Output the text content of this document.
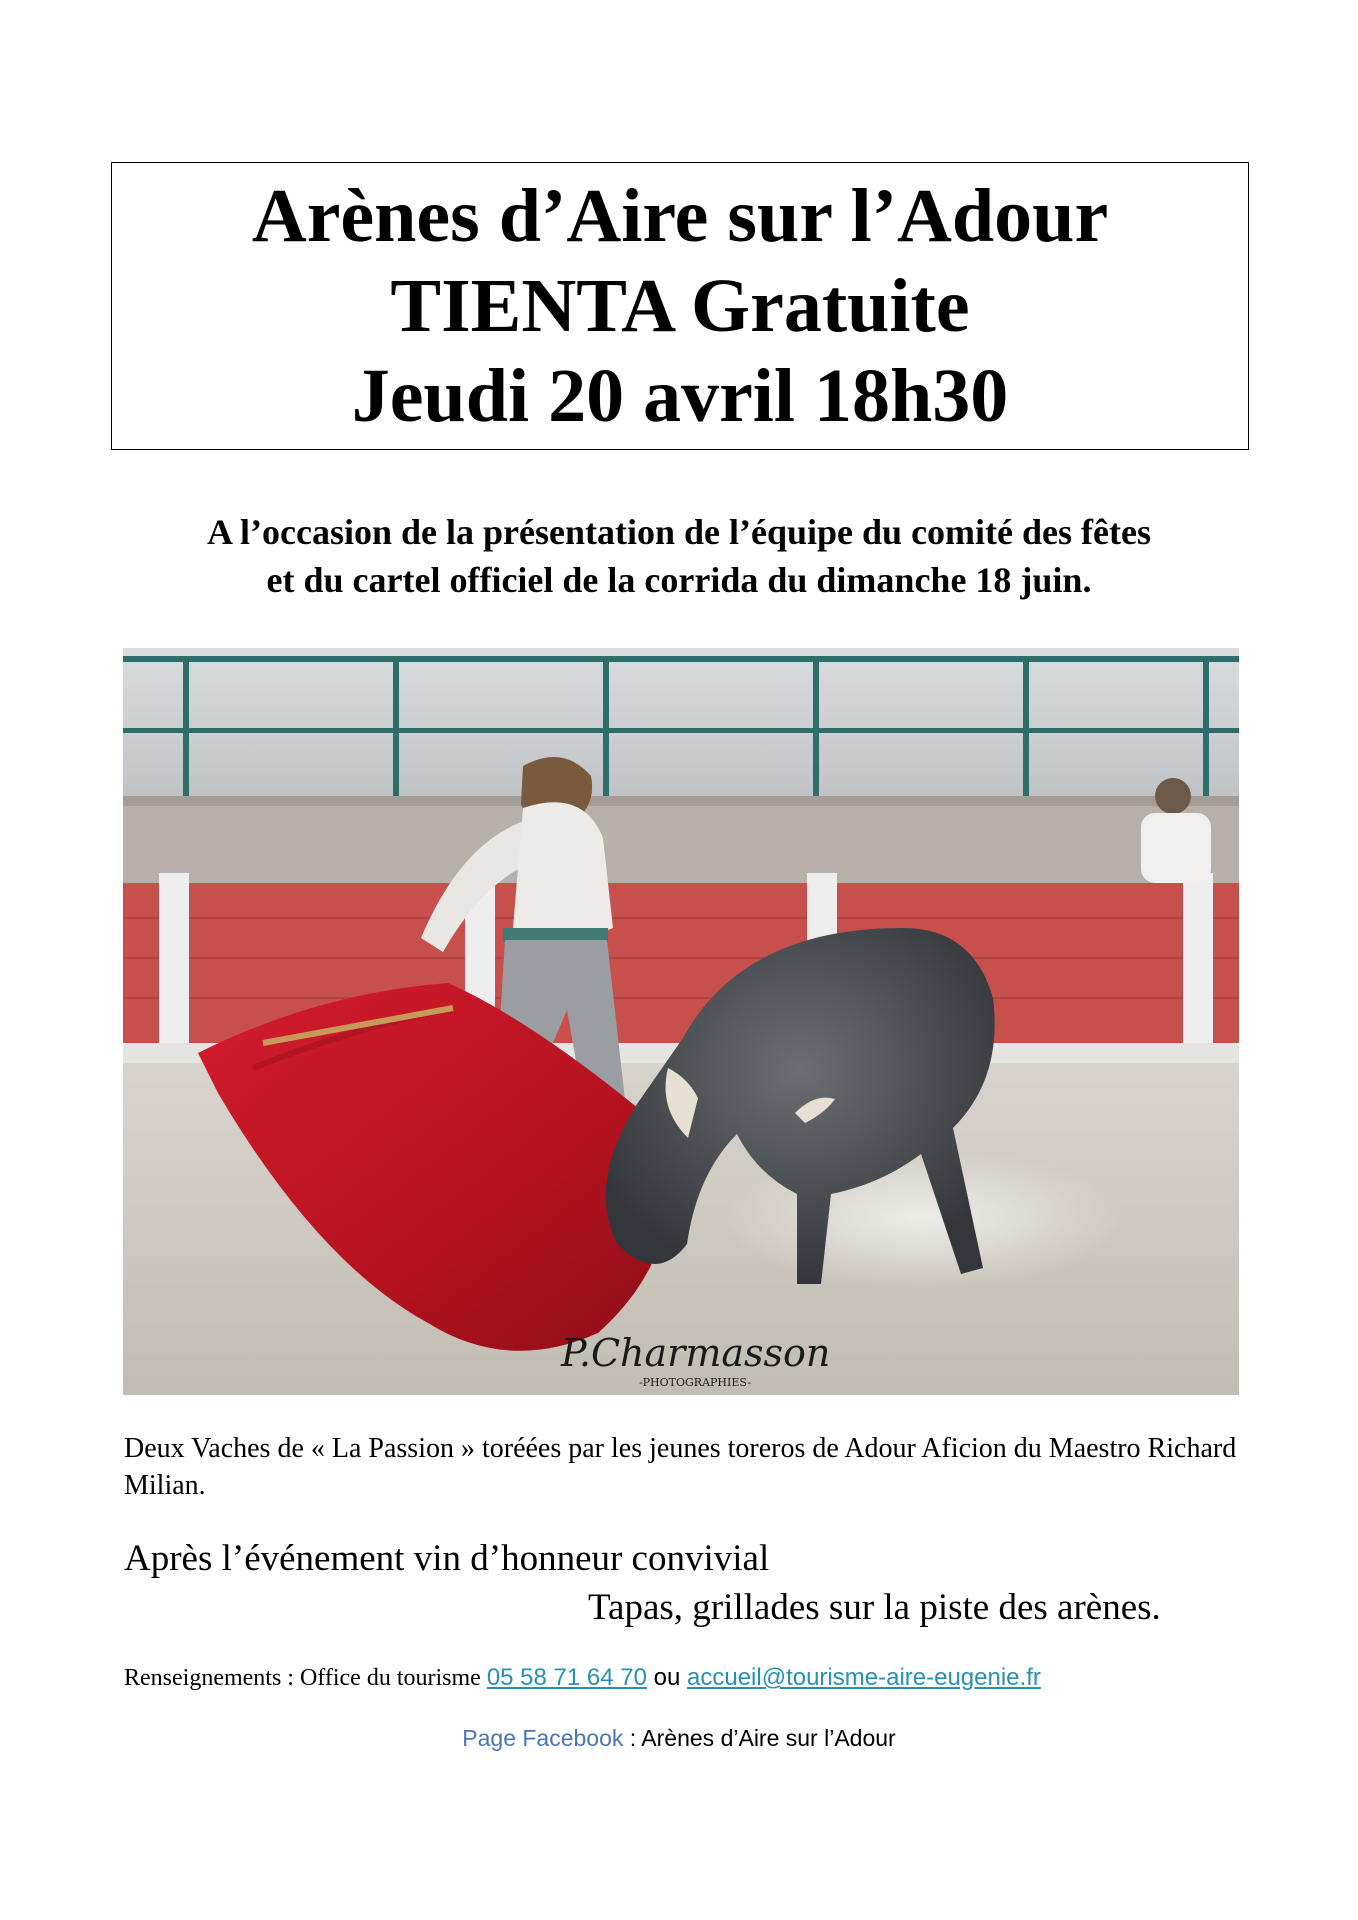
Arènes d’Aire sur l’Adour

TIENTA Gratuite

Jeudi 20 avril 18h30

A l’occasion de la présentation de l’équipe du comité des fêtes
et du cartel officiel de la corrida du dimanche 18 juin.
P.Charmasson
-PHOTOGRAPHIES-
Deux Vaches de « La Passion » toréées par les jeunes toreros de Adour Aficion du Maestro Richard Milian.
Après l’événement vin d’honneur convivial
Tapas, grillades sur la piste des arènes.
Renseignements : Office du tourisme 05 58 71 64 70 ou accueil@tourisme-aire-eugenie.fr
Page Facebook : Arènes d’Aire sur l’Adour
